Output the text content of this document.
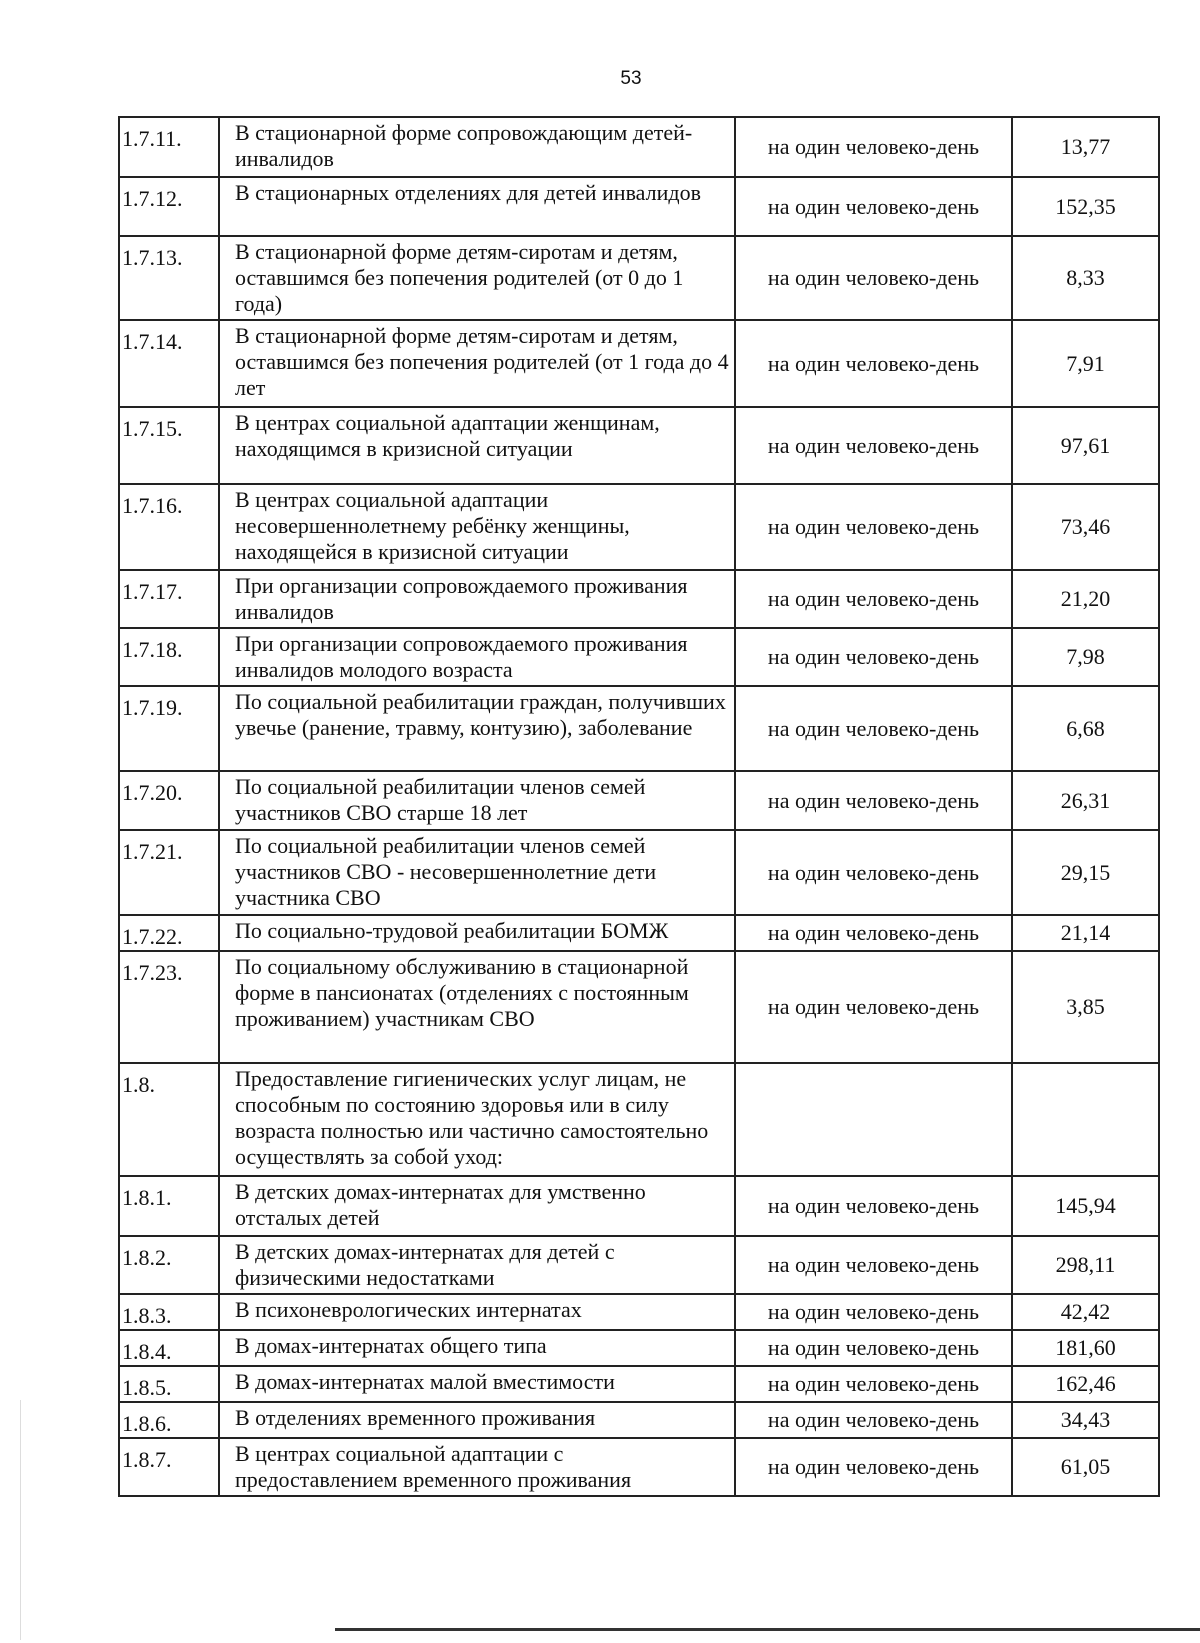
53
1.7.11.	В стационарной форме сопровождающим детей-инвалидов	на один человеко-день	13,77
1.7.12.	В стационарных отделениях для детей инвалидов	на один человеко-день	152,35
1.7.13.	В стационарной форме детям-сиротам и детям, оставшимся без попечения родителей (от 0 до 1 года)	на один человеко-день	8,33
1.7.14.	В стационарной форме детям-сиротам и детям, оставшимся без попечения родителей (от 1 года до 4 лет	на один человеко-день	7,91
1.7.15.	В центрах социальной адаптации женщинам, находящимся в кризисной ситуации	на один человеко-день	97,61
1.7.16.	В центрах социальной адаптации несовершеннолетнему ребёнку женщины, находящейся в кризисной ситуации	на один человеко-день	73,46
1.7.17.	При организации сопровождаемого проживания инвалидов	на один человеко-день	21,20
1.7.18.	При организации сопровождаемого проживания инвалидов молодого возраста	на один человеко-день	7,98
1.7.19.	По социальной реабилитации граждан, получивших увечье (ранение, травму, контузию), заболевание	на один человеко-день	6,68
1.7.20.	По социальной реабилитации членов семей участников СВО старше 18 лет	на один человеко-день	26,31
1.7.21.	По социальной реабилитации членов семей участников СВО - несовершеннолетние дети участника СВО	на один человеко-день	29,15
1.7.22.	По социально-трудовой реабилитации БОМЖ	на один человеко-день	21,14
1.7.23.	По социальному обслуживанию в стационарной форме в пансионатах (отделениях с постоянным проживанием) участникам СВО	на один человеко-день	3,85
1.8.	Предоставление гигиенических услуг лицам, не способным по состоянию здоровья или в силу возраста полностью или частично самостоятельно осуществлять за собой уход:		
1.8.1.	В детских домах-интернатах для умственно отсталых детей	на один человеко-день	145,94
1.8.2.	В детских домах-интернатах для детей с физическими недостатками	на один человеко-день	298,11
1.8.3.	В психоневрологических интернатах	на один человеко-день	42,42
1.8.4.	В домах-интернатах общего типа	на один человеко-день	181,60
1.8.5.	В домах-интернатах малой вместимости	на один человеко-день	162,46
1.8.6.	В отделениях временного проживания	на один человеко-день	34,43
1.8.7.	В центрах социальной адаптации с предоставлением временного проживания	на один человеко-день	61,05
